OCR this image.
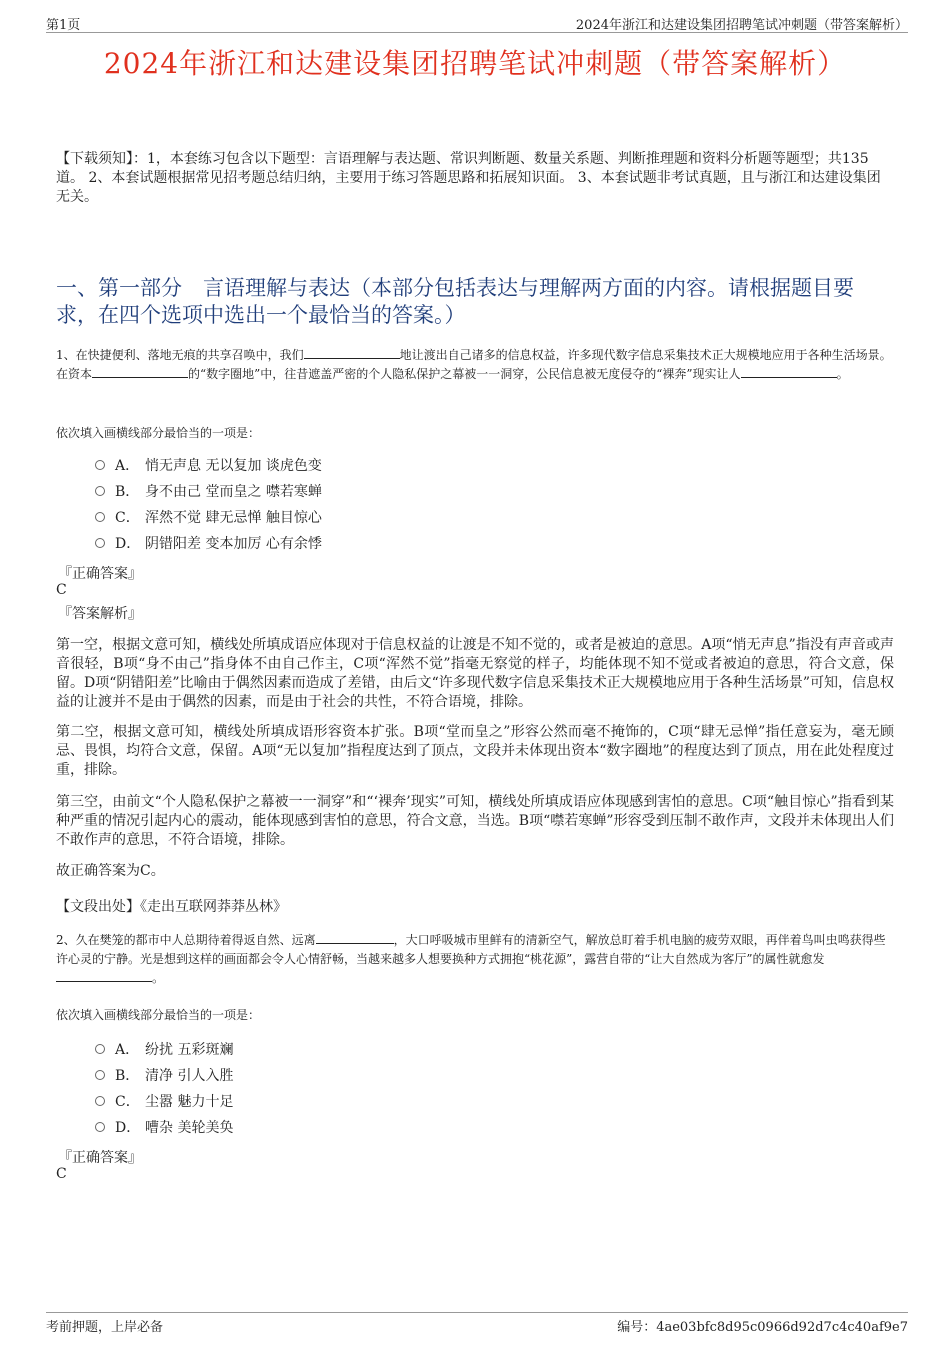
第1页	2024年浙江和达建设集团招聘笔试冲刺题（带答案解析）
2024年浙江和达建设集团招聘笔试冲刺题（带答案解析）
【下载须知】：1，本套练习包含以下题型：言语理解与表达题、常识判断题、数量关系题、判断推理题和资料分析题等题型；共135道。 2、本套试题根据常见招考题总结归纳，主要用于练习答题思路和拓展知识面。 3、本套试题非考试真题，且与浙江和达建设集团无关。
一、第一部分　言语理解与表达（本部分包括表达与理解两方面的内容。请根据题目要求，在四个选项中选出一个最恰当的答案。）
1、在快捷便利、落地无痕的共享召唤中，我们	地让渡出自己诸多的信息权益，许多现代数字信息采集技术正大规模地应用于各种生活场景。在资本	的“数字圈地”中，往昔遮盖严密的个人隐私保护之幕被一一洞穿，公民信息被无度侵夺的“裸奔”现实让人	。
依次填入画横线部分最恰当的一项是：
A． 悄无声息 无以复加 谈虎色变
B． 身不由己 堂而皇之 噤若寒蝉
C． 浑然不觉 肆无忌惮 触目惊心
D． 阴错阳差 变本加厉 心有余悸
『正确答案』
C
『答案解析』
第一空，根据文意可知，横线处所填成语应体现对于信息权益的让渡是不知不觉的，或者是被迫的意思。A项“悄无声息”指没有声音或声音很轻，B项“身不由己”指身体不由自己作主，C项“浑然不觉”指毫无察觉的样子，均能体现不知不觉或者被迫的意思，符合文意，保留。D项“阴错阳差”比喻由于偶然因素而造成了差错，由后文“许多现代数字信息采集技术正大规模地应用于各种生活场景”可知，信息权益的让渡并不是由于偶然的因素，而是由于社会的共性，不符合语境，排除。
第二空，根据文意可知，横线处所填成语形容资本扩张。B项“堂而皇之”形容公然而毫不掩饰的，C项“肆无忌惮”指任意妄为，毫无顾忌、畏惧，均符合文意，保留。A项“无以复加”指程度达到了顶点，文段并未体现出资本“数字圈地”的程度达到了顶点，用在此处程度过重，排除。
第三空，由前文“个人隐私保护之幕被一一洞穿”和“‘裸奔’现实”可知，横线处所填成语应体现感到害怕的意思。C项“触目惊心”指看到某种严重的情况引起内心的震动，能体现感到害怕的意思，符合文意，当选。B项“噤若寒蝉”形容受到压制不敢作声，文段并未体现出人们不敢作声的意思，不符合语境，排除。
故正确答案为C。
【文段出处】《走出互联网莽莽丛林》
2、久在樊笼的都市中人总期待着得返自然、远离	，大口呼吸城市里鲜有的清新空气，解放总盯着手机电脑的疲劳双眼，再伴着鸟叫虫鸣获得些许心灵的宁静。光是想到这样的画面都会令人心情舒畅，当越来越多人想要换种方式拥抱“桃花源”，露营自带的“让大自然成为客厅”的属性就愈发。
依次填入画横线部分最恰当的一项是：
A． 纷扰 五彩斑斓
B． 清净 引人入胜
C． 尘嚣 魅力十足
D． 嘈杂 美轮美奂
『正确答案』
C
考前押题，上岸必备	编号：4ae03bfc8d95c0966d92d7c4c40af9e7
